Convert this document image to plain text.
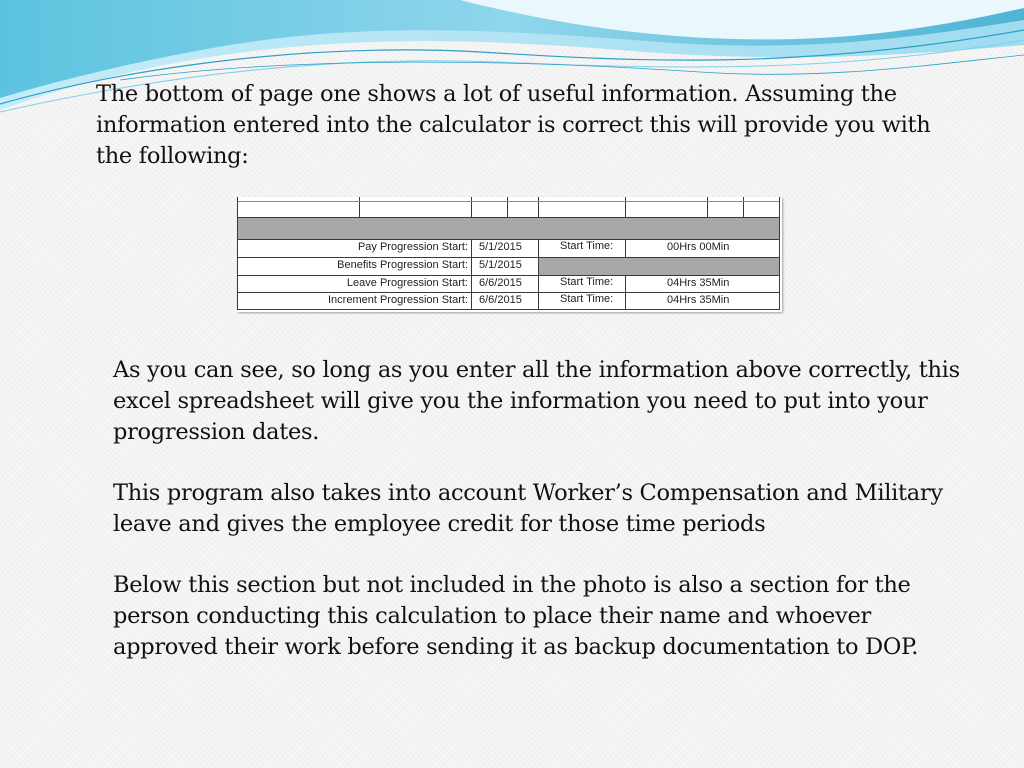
The bottom of page one shows a lot of useful information. Assuming the information entered into the calculator is correct this will provide you with the following:

Pay Progression Start:	5/1/2015	Start Time:	00Hrs 00Min
Benefits Progression Start:	5/1/2015
Leave Progression Start:	6/6/2015	Start Time:	04Hrs 35Min
Increment Progression Start:	6/6/2015	Start Time:	04Hrs 35Min

As you can see, so long as you enter all the information above correctly, this excel spreadsheet will give you the information you need to put into your progression dates.

This program also takes into account Worker’s Compensation and Military leave and gives the employee credit for those time periods

Below this section but not included in the photo is also a section for the person conducting this calculation to place their name and whoever approved their work before sending it as backup documentation to DOP.
